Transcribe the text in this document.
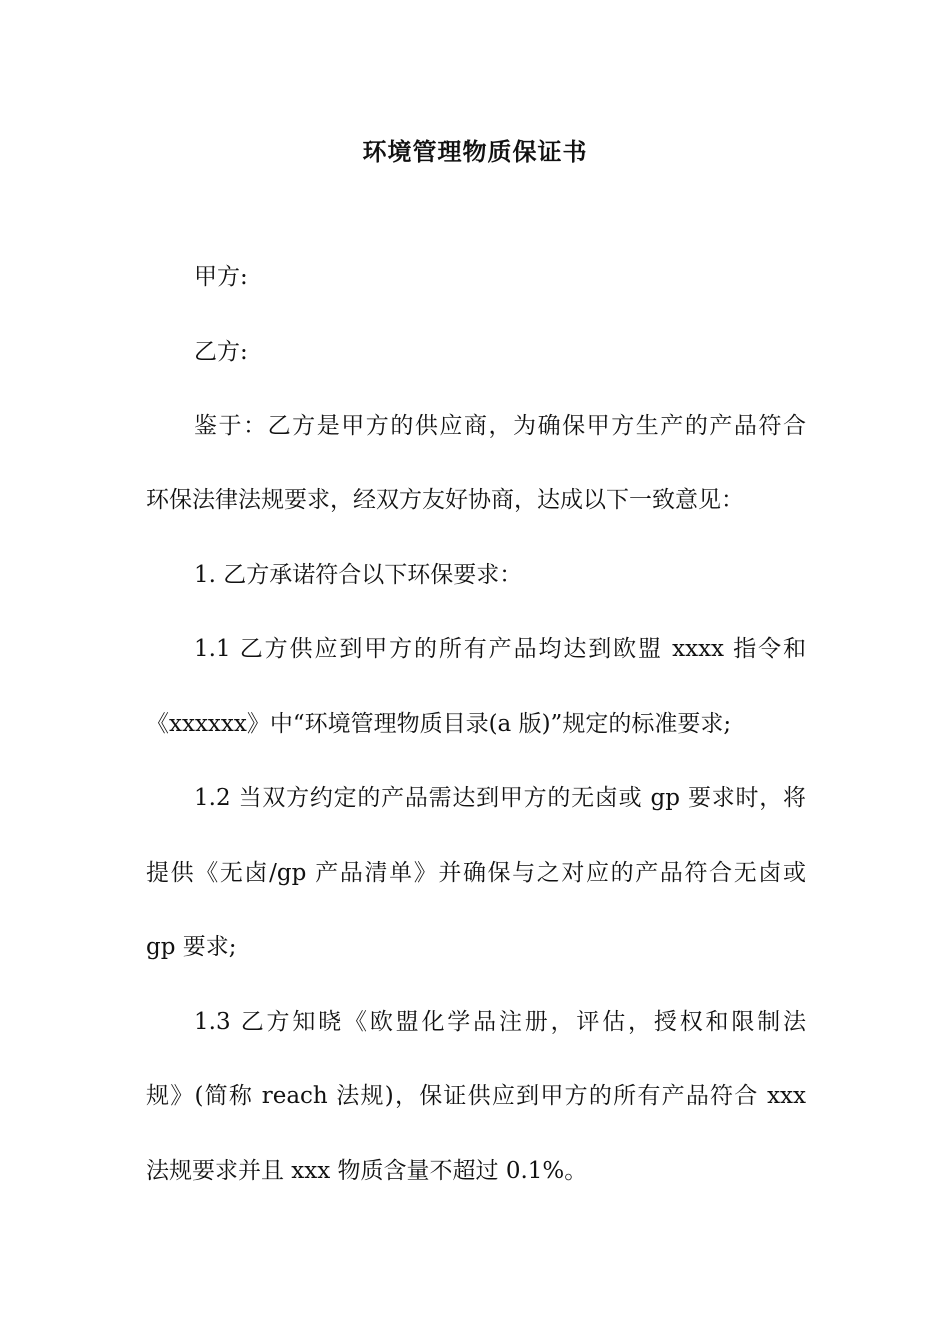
环境管理物质保证书
甲方:
乙方:
鉴于：乙方是甲方的供应商，为确保甲方生产的产品符合
环保法律法规要求，经双方友好协商，达成以下一致意见：
1. 乙方承诺符合以下环保要求：
1.1 乙方供应到甲方的所有产品均达到欧盟 xxxx 指令和
《xxxxxx》中“环境管理物质目录(a 版)”规定的标准要求;
1.2 当双方约定的产品需达到甲方的无卤或 gp 要求时，将
提供《无卤/gp 产品清单》并确保与之对应的产品符合无卤或
gp 要求;
1.3 乙方知晓《欧盟化学品注册，评估，授权和限制法
规》(简称 reach 法规)，保证供应到甲方的所有产品符合 xxx
法规要求并且 xxx 物质含量不超过 0.1%。
